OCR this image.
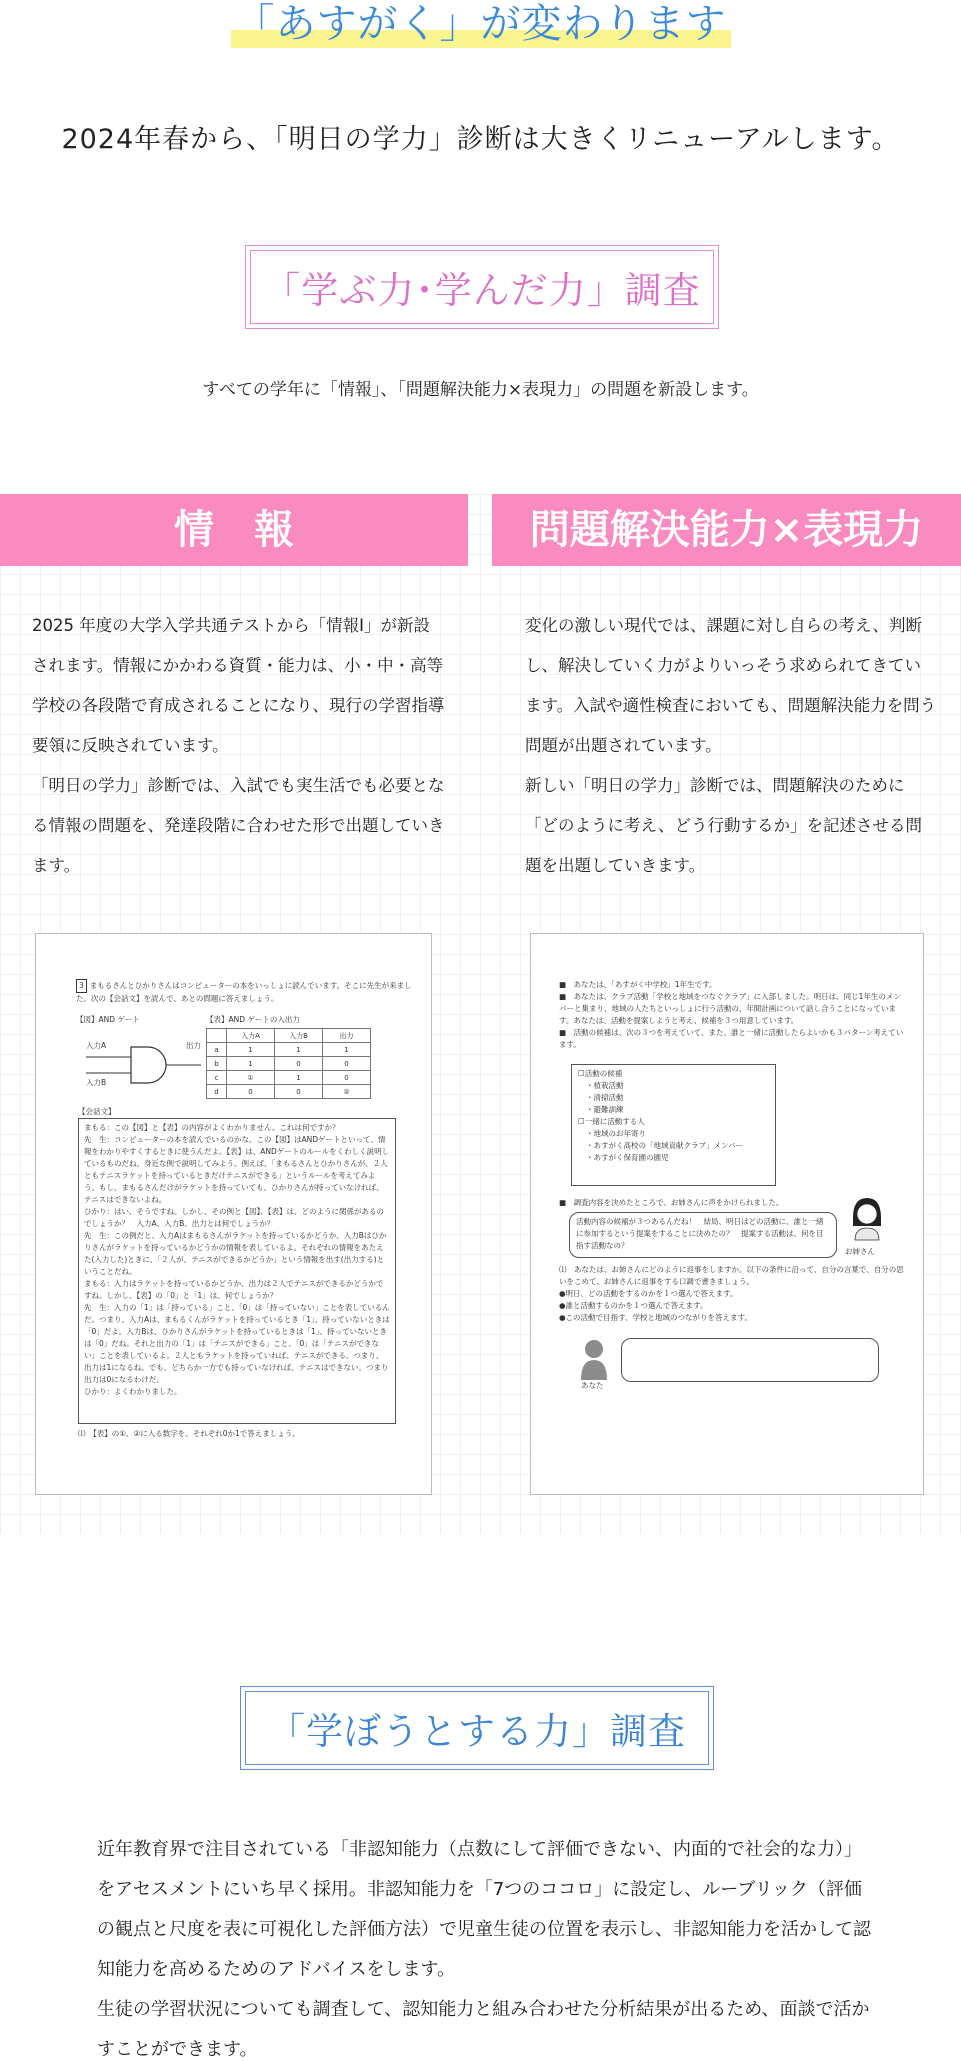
「あすがく」が変わります
2024年春から、「明日の学力」診断は大きくリニューアルします。
「学ぶ力･学んだ力」調査
すべての学年に「情報」、「問題解決能力×表現力」の問題を新設します。
情　報

2025 年度の大学入学共通テストから「情報Ⅰ」が新設されます。情報にかかわる資質・能力は、小・中・高等学校の各段階で育成されることになり、現行の学習指導要領に反映されています。

「明日の学力」診断では、入試でも実生活でも必要となる情報の問題を、発達段階に合わせた形で出題していきます。

問題解決能力×表現力

変化の激しい現代では、課題に対し自らの考え、判断し、解決していく力がよりいっそう求められてきています。入試や適性検査においても、問題解決能力を問う問題が出題されています。

新しい「明日の学力」診断では、問題解決のために「どのように考え、どう行動するか」を記述させる問題を出題していきます。

3 まもるさんとひかりさんはコンピューターの本をいっしょに読んでいます。そこに先生が来ました。次の【会話文】を読んで、あとの問題に答えましょう。
【図】AND ゲート
入力A
入力B
出力
【表】AND ゲートの入出力
	入力A	入力B	出力
a	1	1	1
b	1	0	0
c	①	1	0
d	0	0	②
【会話文】

まもる：この【図】と【表】の内容がよくわかりません。これは何ですか？

先　生：コンピューターの本を読んでいるのかな。この【図】はANDゲートといって、情報をわかりやすくするときに使うんだよ。【表】は、ANDゲートのルールをくわしく説明しているものだね。身近な例で説明してみよう。例えば、「まもるさんとひかりさんが、２人ともテニスラケットを持っているときだけテニスができる」というルールを考えてみよう。もし、まもるさんだけがラケットを持っていても、ひかりさんが持っていなければ、テニスはできないよね。

ひかり：はい、そうですね。しかし、その例と【図】、【表】は、どのように関係があるのでしょうか？　入力A、入力B、出力とは何でしょうか？

先　生：この例だと、入力Aはまもるさんがラケットを持っているかどうか、入力Bはひかりさんがラケットを持っているかどうかの情報を表しているよ。それぞれの情報をあたえた(入力した)ときに、「２人が、テニスができるかどうか」という情報を出す(出力する)ということだね。

まもる：入力はラケットを持っているかどうか、出力は２人でテニスができるかどうかですね。しかし、【表】の「0」と「1」は、何でしょうか？

先　生：入力の「1」は「持っている」こと、「0」は「持っていない」ことを表しているんだ。つまり、入力Aは、まもるくんがラケットを持っているとき「1」、持っていないときは「0」だよ。入力Bは、ひかりさんがラケットを持っているときは「1」、持っていないときは「0」だね。それと出力の「1」は「テニスができる」こと、「0」は「テニスができない」ことを表しているよ。２人ともラケットを持っていれば、テニスができる。つまり、出力は1になるね。でも、どちらか一方でも持っていなければ、テニスはできない。つまり出力は0になるわけだ。

ひかり：よくわかりました。

⑴　【表】の①、②に入る数字を、それぞれ0か1で答えましょう。

■　あなたは、「あすがく中学校」1年生です。

■　あなたは、クラブ活動「学校と地域をつなぐクラブ」に入部しました。明日は、同じ1年生のメンバーと集まり、地域の人たちといっしょに行う活動の、年間計画について話し合うことになっています。あなたは、活動を提案しようと考え、候補を３つ用意しています。

■　活動の候補は、次の３つを考えていて、また、誰と一緒に活動したらよいかも３パターン考えています。

☐活動の候補

・植栽活動

・清掃活動

・避難訓練

☐一緒に活動する人

・地域のお年寄り

・あすがく高校の「地域貢献クラブ」メンバー

・あすがく保育園の園児

■　調査内容を決めたところで、お姉さんに声をかけられました。
活動内容の候補が３つあるんだね！　結局、明日はどの活動に、誰と一緒に参加するという提案をすることに決めたの？　提案する活動は、何を目指す活動なの？
お姉さん

⑴　あなたは、お姉さんにどのように返事をしますか。以下の条件に沿って、自分の言葉で、自分の思いをこめて、お姉さんに返事をする口調で書きましょう。

●明日、どの活動をするのかを１つ選んで答えます。

●誰と活動するのかを１つ選んで答えます。

●この活動で目指す、学校と地域のつながりを答えます。

あなた
「学ぼうとする力」調査

近年教育界で注目されている「非認知能力（点数にして評価できない、内面的で社会的な力）」をアセスメントにいち早く採用。非認知能力を「7つのココロ」に設定し、ルーブリック（評価の観点と尺度を表に可視化した評価方法）で児童生徒の位置を表示し、非認知能力を活かして認知能力を高めるためのアドバイスをします。

生徒の学習状況についても調査して、認知能力と組み合わせた分析結果が出るため、面談で活かすことができます。
